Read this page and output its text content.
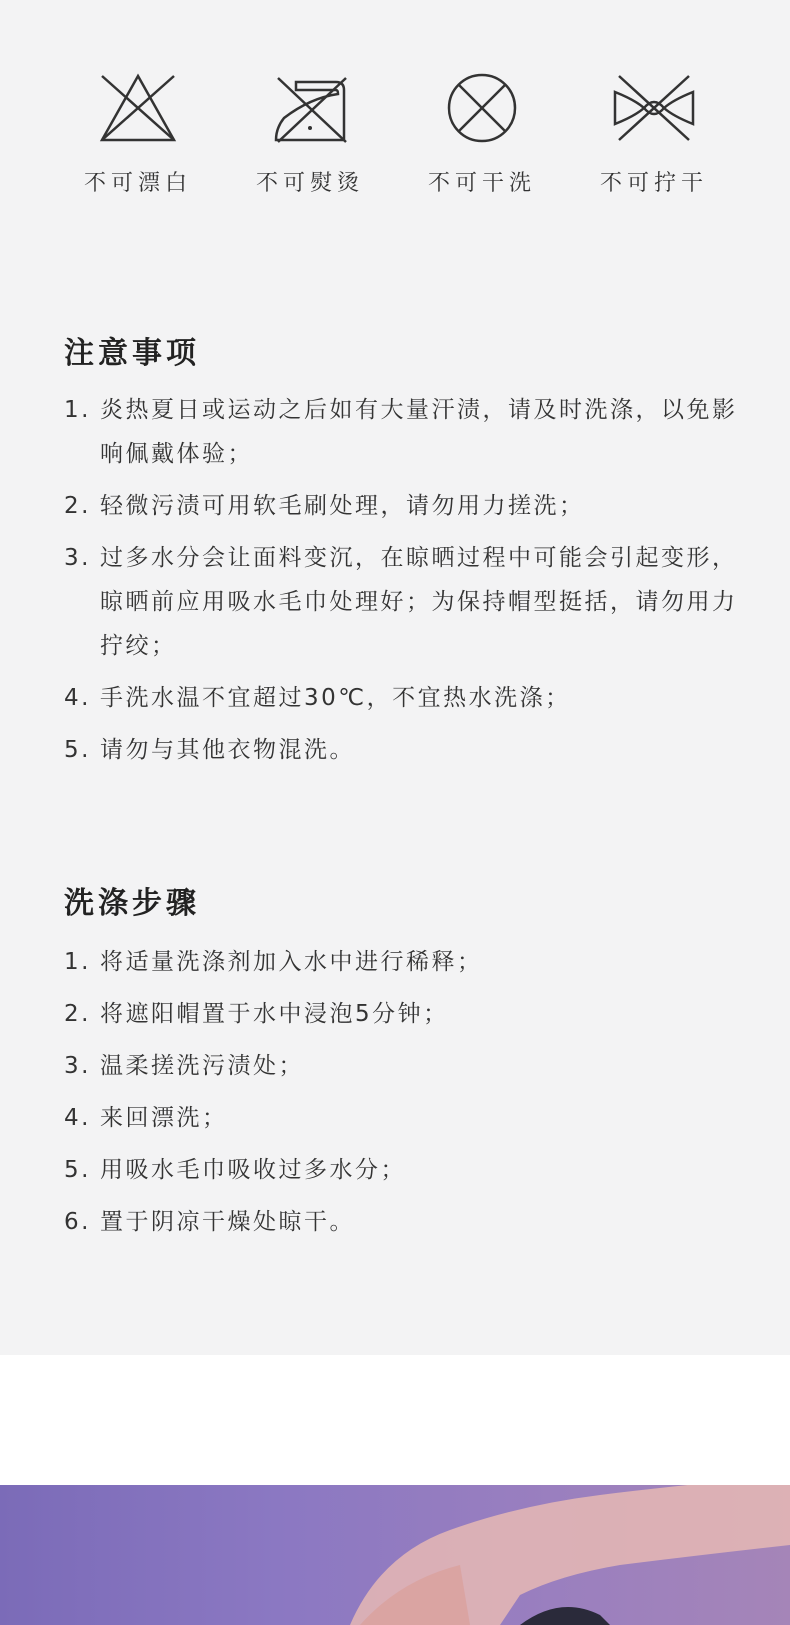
不可漂白	不可熨烫	不可干洗	不可拧干
注意事项
1. 炎热夏日或运动之后如有大量汗渍，请及时洗涤，以免影响佩戴体验；
2. 轻微污渍可用软毛刷处理，请勿用力搓洗；
3. 过多水分会让面料变沉，在晾晒过程中可能会引起变形，晾晒前应用吸水毛巾处理好；为保持帽型挺括，请勿用力拧绞；
4. 手洗水温不宜超过30℃，不宜热水洗涤；
5. 请勿与其他衣物混洗。
洗涤步骤
1. 将适量洗涤剂加入水中进行稀释；
2. 将遮阳帽置于水中浸泡5分钟；
3. 温柔搓洗污渍处；
4. 来回漂洗；
5. 用吸水毛巾吸收过多水分；
6. 置于阴凉干燥处晾干。
